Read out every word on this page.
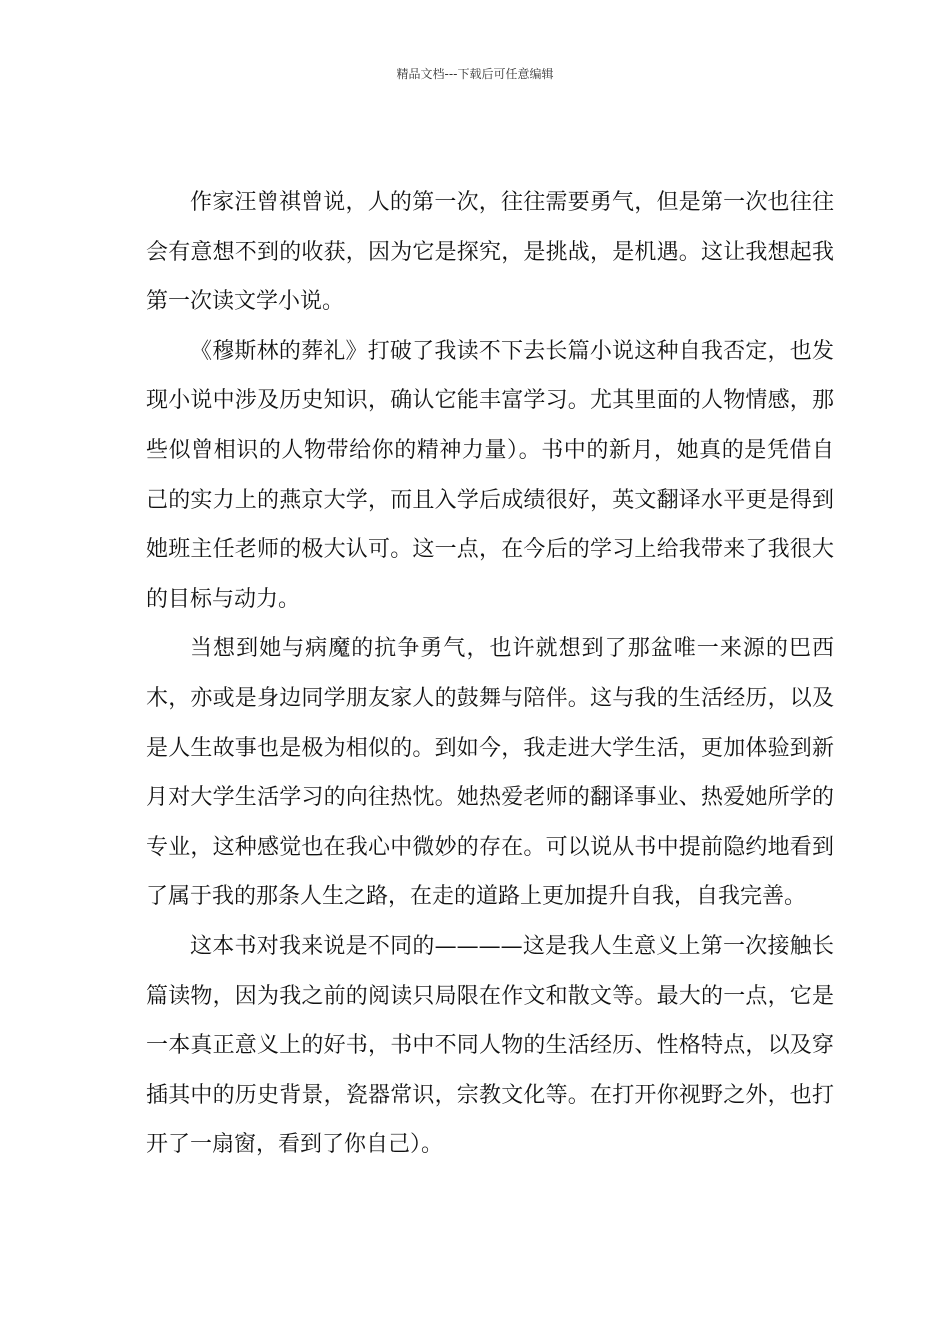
精品文档---下载后可任意编辑

作家汪曾祺曾说，人的第一次，往往需要勇气，但是第一次也往往会有意想不到的收获，因为它是探究，是挑战，是机遇。这让我想起我第一次读文学小说。

《穆斯林的葬礼》打破了我读不下去长篇小说这种自我否定，也发现小说中涉及历史知识，确认它能丰富学习。尤其里面的人物情感，那些似曾相识的人物带给你的精神力量）。书中的新月，她真的是凭借自己的实力上的燕京大学，而且入学后成绩很好，英文翻译水平更是得到她班主任老师的极大认可。这一点，在今后的学习上给我带来了我很大的目标与动力。

当想到她与病魔的抗争勇气，也许就想到了那盆唯一来源的巴西木，亦或是身边同学朋友家人的鼓舞与陪伴。这与我的生活经历，以及是人生故事也是极为相似的。到如今，我走进大学生活，更加体验到新月对大学生活学习的向往热忱。她热爱老师的翻译事业、热爱她所学的专业，这种感觉也在我心中微妙的存在。可以说从书中提前隐约地看到了属于我的那条人生之路，在走的道路上更加提升自我，自我完善。

这本书对我来说是不同的————这是我人生意义上第一次接触长篇读物，因为我之前的阅读只局限在作文和散文等。最大的一点，它是一本真正意义上的好书，书中不同人物的生活经历、性格特点，以及穿插其中的历史背景，瓷器常识，宗教文化等。在打开你视野之外，也打开了一扇窗，看到了你自己）。
